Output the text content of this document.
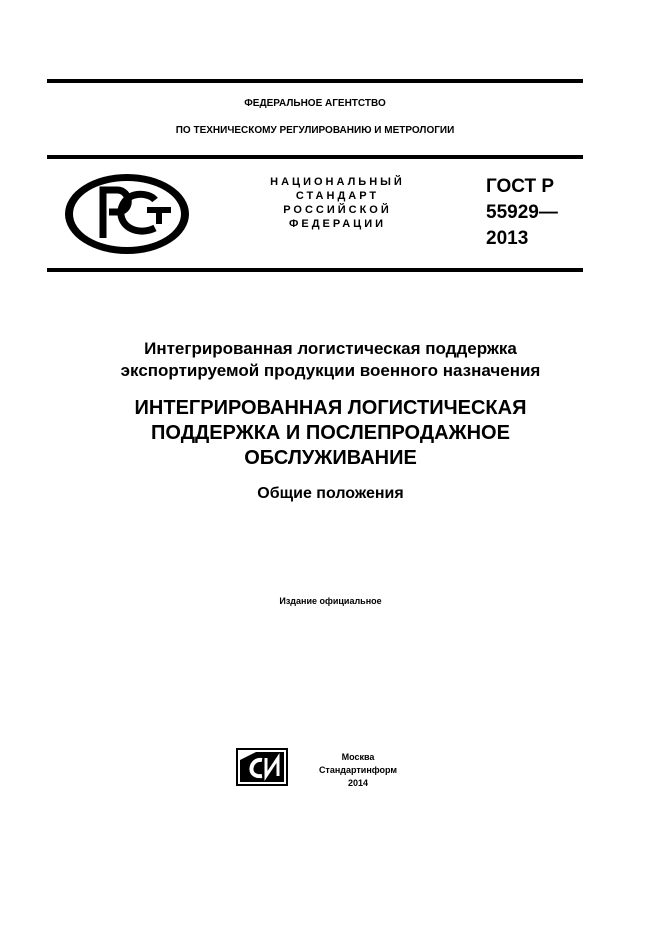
ФЕДЕРАЛЬНОЕ АГЕНТСТВО
ПО ТЕХНИЧЕСКОМУ РЕГУЛИРОВАНИЮ И МЕТРОЛОГИИ
НАЦИОНАЛЬНЫЙ
СТАНДАРТ
РОССИЙСКОЙ
ФЕДЕРАЦИИ
ГОСТ Р
55929—
2013
Интегрированная логистическая поддержка
экспортируемой продукции военного назначения
ИНТЕГРИРОВАННАЯ ЛОГИСТИЧЕСКАЯ
ПОДДЕРЖКА И ПОСЛЕПРОДАЖНОЕ
ОБСЛУЖИВАНИЕ
Общие положения
Издание официальное
Москва
Стандартинформ
2014
